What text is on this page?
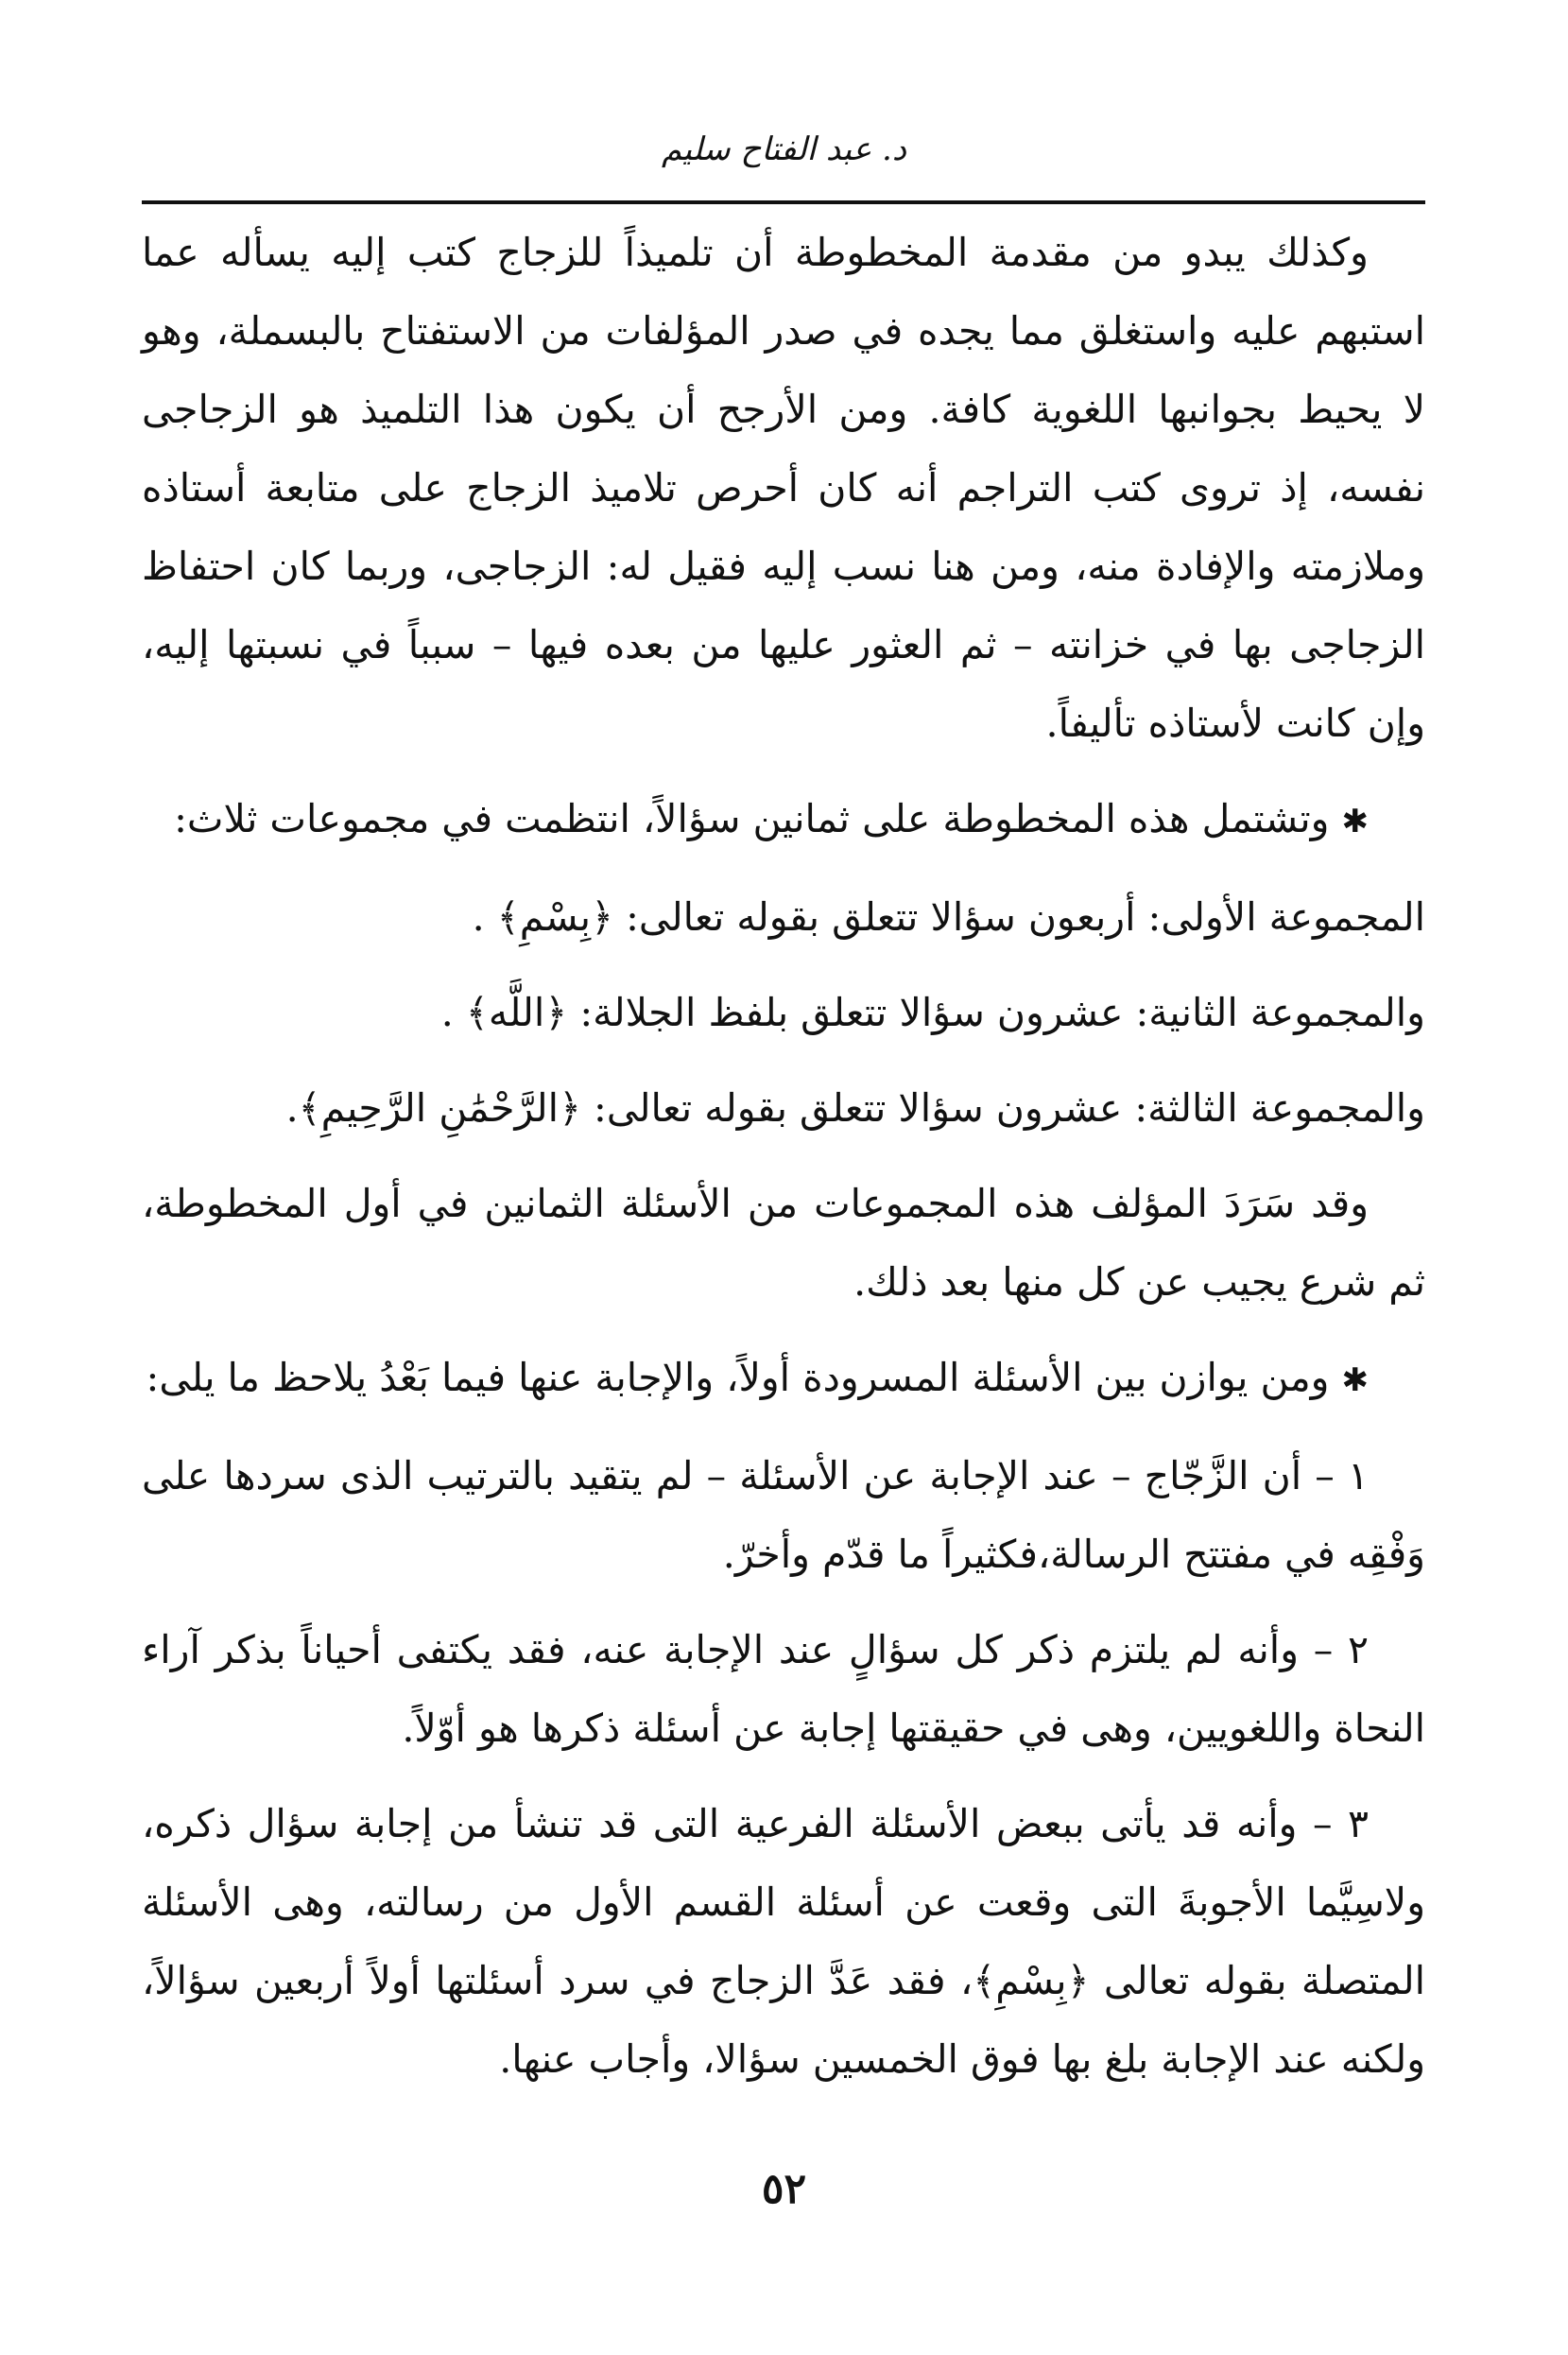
د. عبد الفتاح سليم

وكذلك يبدو من مقدمة المخطوطة أن تلميذاً للزجاج كتب إليه يسأله عما استبهم عليه واستغلق مما يجده في صدر المؤلفات من الاستفتاح بالبسملة، وهو لا يحيط بجوانبها اللغوية كافة. ومن الأرجح أن يكون هذا التلميذ هو الزجاجى نفسه، إذ تروى كتب التراجم أنه كان أحرص تلاميذ الزجاج على متابعة أستاذه وملازمته والإفادة منه، ومن هنا نسب إليه فقيل له: الزجاجى، وربما كان احتفاظ الزجاجى بها في خزانته – ثم العثور عليها من بعده فيها – سبباً في نسبتها إليه، وإن كانت لأستاذه تأليفاً.

✱ وتشتمل هذه المخطوطة على ثمانين سؤالاً، انتظمت في مجموعات ثلاث:

المجموعة الأولى: أربعون سؤالا تتعلق بقوله تعالى: ﴿بِسْمِ﴾ .

والمجموعة الثانية: عشرون سؤالا تتعلق بلفظ الجلالة: ﴿اللَّه﴾ .

والمجموعة الثالثة: عشرون سؤالا تتعلق بقوله تعالى: ﴿الرَّحْمَٰنِ الرَّحِيمِ﴾.

وقد سَرَدَ المؤلف هذه المجموعات من الأسئلة الثمانين في أول المخطوطة، ثم شرع يجيب عن كل منها بعد ذلك.

✱ ومن يوازن بين الأسئلة المسرودة أولاً، والإجابة عنها فيما بَعْدُ يلاحظ ما يلى:

١ – أن الزَّجّاج – عند الإجابة عن الأسئلة – لم يتقيد بالترتيب الذى سردها على وَفْقِه في مفتتح الرسالة،فكثيراً ما قدّم وأخرّ.

٢ – وأنه لم يلتزم ذكر كل سؤالٍ عند الإجابة عنه، فقد يكتفى أحياناً بذكر آراء النحاة واللغويين، وهى في حقيقتها إجابة عن أسئلة ذكرها هو أوّلاً.

٣ – وأنه قد يأتى ببعض الأسئلة الفرعية التى قد تنشأ من إجابة سؤال ذكره، ولاسِيَّما الأجوبةَ التى وقعت عن أسئلة القسم الأول من رسالته، وهى الأسئلة المتصلة بقوله تعالى ﴿بِسْمِ﴾، فقد عَدَّ الزجاج في سرد أسئلتها أولاً أربعين سؤالاً، ولكنه عند الإجابة بلغ بها فوق الخمسين سؤالا، وأجاب عنها.

٥٢
